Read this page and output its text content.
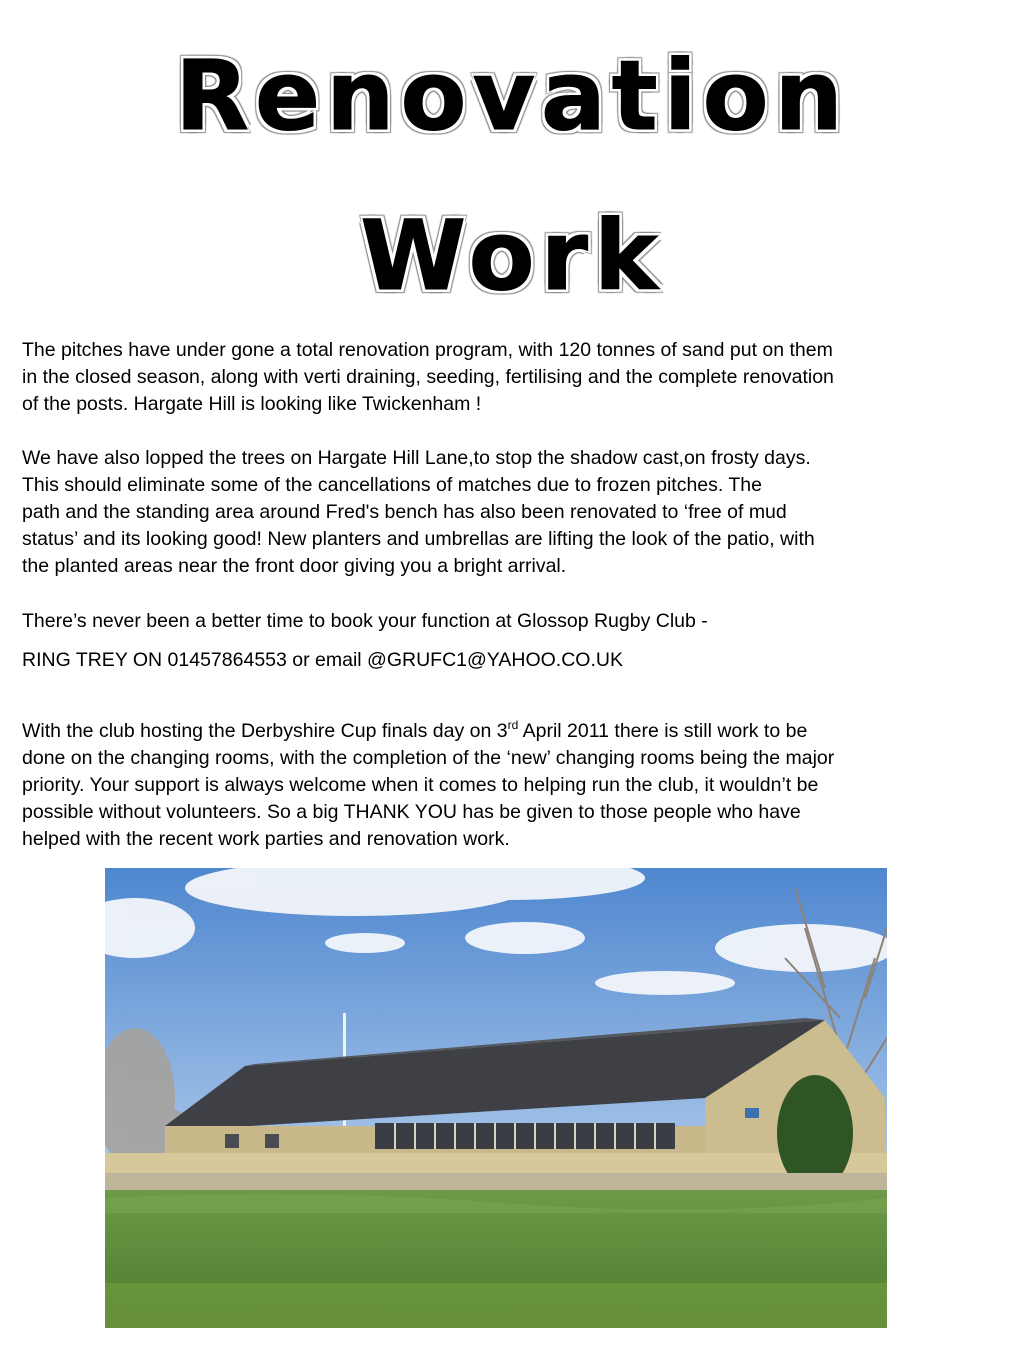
Renovation
Work
The pitches have under gone a total renovation program, with 120 tonnes of sand put on them
in the closed season, along with verti draining, seeding, fertilising and the complete renovation
of the posts. Hargate Hill is looking like Twickenham !
We have also lopped the trees on Hargate Hill Lane,to stop the shadow cast,on frosty days.
This should eliminate some of the cancellations of matches due to frozen pitches. The
path and the standing area around Fred's bench has also been renovated to ‘free of mud
status’ and its looking good! New planters and umbrellas are lifting the look of the patio, with
the planted areas near the front door giving you a bright arrival.
There’s never been a better time to book your function at Glossop Rugby Club -
RING TREY ON 01457864553 or email @GRUFC1@YAHOO.CO.UK
With the club hosting the Derbyshire Cup finals day on 3rd April 2011 there is still work to be
done on the changing rooms, with the completion of the ‘new’ changing rooms being the major
priority. Your support is always welcome when it comes to helping run the club, it wouldn’t be
possible without volunteers. So a big THANK YOU has be given to those people who have
helped with the recent work parties and renovation work.
